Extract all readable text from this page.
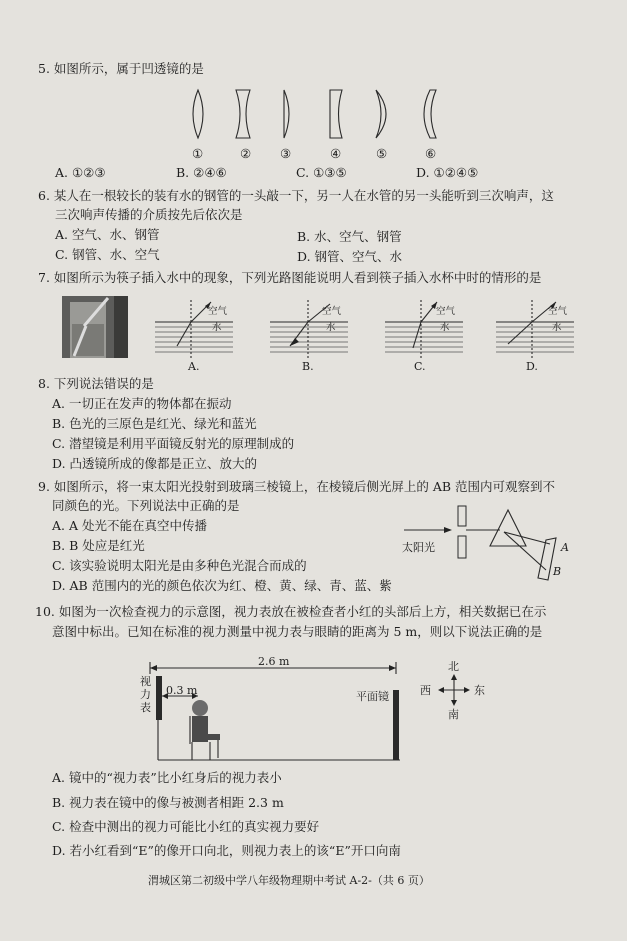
5. 如图所示，属于凹透镜的是
①	② ③	④	⑤	⑥
A. ①②③	B. ②④⑥	C. ①③⑤	D. ①②④⑤
6. 某人在一根较长的装有水的钢管的一头敲一下，另一人在水管的另一头能听到三次响声，这
三次响声传播的介质按先后依次是
A. 空气、水、钢管	B. 水、空气、钢管
C. 钢管、水、空气	D. 钢管、空气、水
7. 如图所示为筷子插入水中的现象，下列光路图能说明人看到筷子插入水杯中时的情形的是
空气
水
A.
空气
水
B.
空气
水
C.
空气
水
D.
8. 下列说法错误的是
A. 一切正在发声的物体都在振动
B. 色光的三原色是红光、绿光和蓝光
C. 潜望镜是利用平面镜反射光的原理制成的
D. 凸透镜所成的像都是正立、放大的
9. 如图所示，将一束太阳光投射到玻璃三棱镜上，在棱镜后侧光屏上的 AB 范围内可观察到不
同颜色的光。下列说法中正确的是
A. A 处光不能在真空中传播
B. B 处应是红光
C. 该实验说明太阳光是由多种色光混合而成的
D. AB 范围内的光的颜色依次为红、橙、黄、绿、青、蓝、紫
太阳光	A
B
10. 如图为一次检查视力的示意图，视力表放在被检查者小红的头部后上方，相关数据已在示
意图中标出。已知在标准的视力测量中视力表与眼睛的距离为 5 m，则以下说法正确的是
2.6 m
0.3 m
视力表
平面镜
北
南
西	东
A. 镜中的“视力表”比小红身后的视力表小
B. 视力表在镜中的像与被测者相距 2.3 m
C. 检查中测出的视力可能比小红的真实视力要好
D. 若小红看到“E”的像开口向北，则视力表上的该“E”开口向南
渭城区第二初级中学八年级物理期中考试 A-2-（共 6 页）
